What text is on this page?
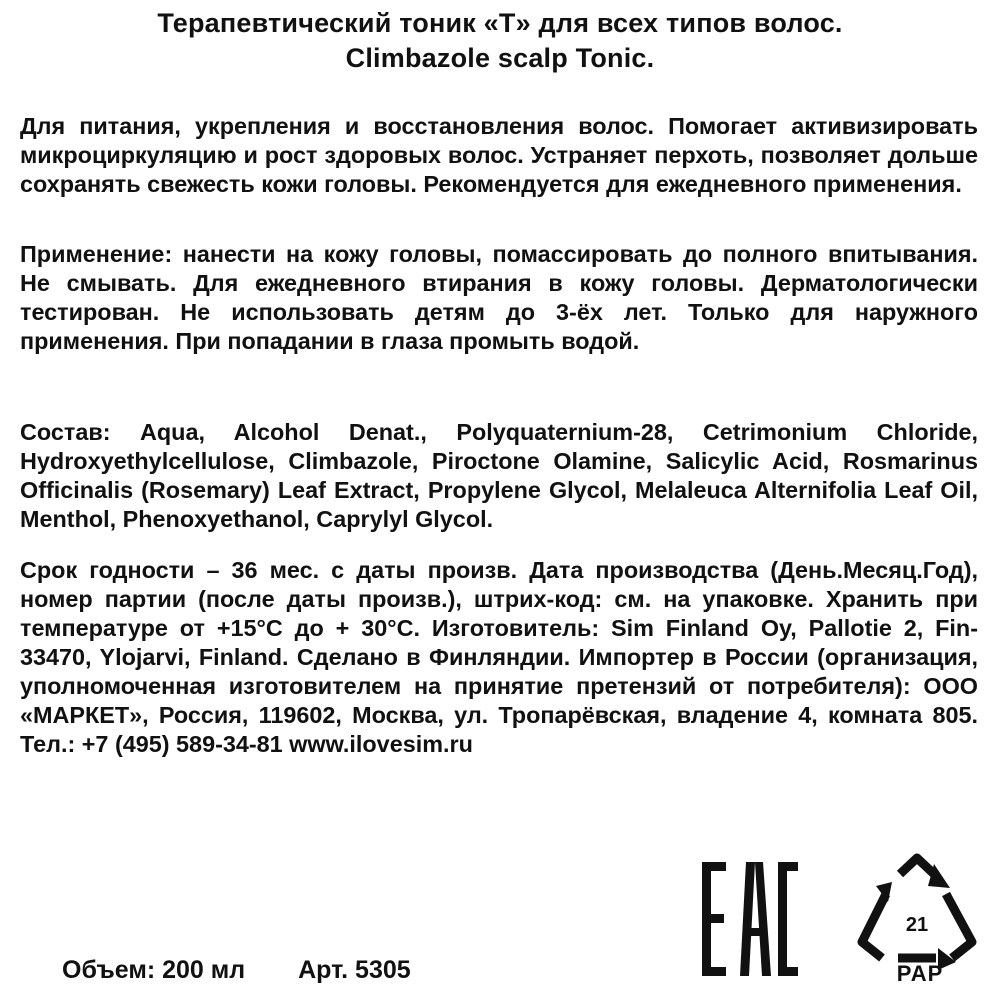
Терапевтический тоник «Т» для всех типов волос.
Climbazole scalp Tonic.

Для питания, укрепления и восстановления волос. Помогает активизировать микроциркуляцию и рост здоровых волос. Устраняет перхоть, позволяет дольше сохранять свежесть кожи головы. Рекомендуется для ежедневного применения.

Применение: нанести на кожу головы, помассировать до полного впитывания. Не смывать. Для ежедневного втирания в кожу головы. Дерматологически тестирован. Не использовать детям до 3-ёх лет. Только для наружного применения. При попадании в глаза промыть водой.

Состав: Aqua, Alcohol Denat., Polyquaternium-28, Cetrimonium Chloride, Hydroxyethylcellulose, Climbazole, Piroctone Olamine, Salicylic Acid, Rosmarinus Officinalis (Rosemary) Leaf Extract, Propylene Glycol, Melaleuca Alternifolia Leaf Oil, Menthol, Phenoxyethanol, Caprylyl Glycol.

Срок годности – 36 мес. с даты произв. Дата производства (День.Месяц.Год), номер партии (после даты произв.), штрих-код: см. на упаковке. Хранить при температуре от +15°С до + 30°С. Изготовитель: Sim Finland Oy, Pallotie 2, Fin-33470, Ylojarvi, Finland. Сделано в Финляндии. Импортер в России (организация, уполномоченная изготовителем на принятие претензий от потребителя): ООО «МАРКЕТ», Россия, 119602, Москва, ул. Тропарёвская, владение 4, комната 805. Тел.: +7 (495) 589-34-81 www.ilovesim.ru

Объем: 200 мл Арт. 5305
21
PAP
